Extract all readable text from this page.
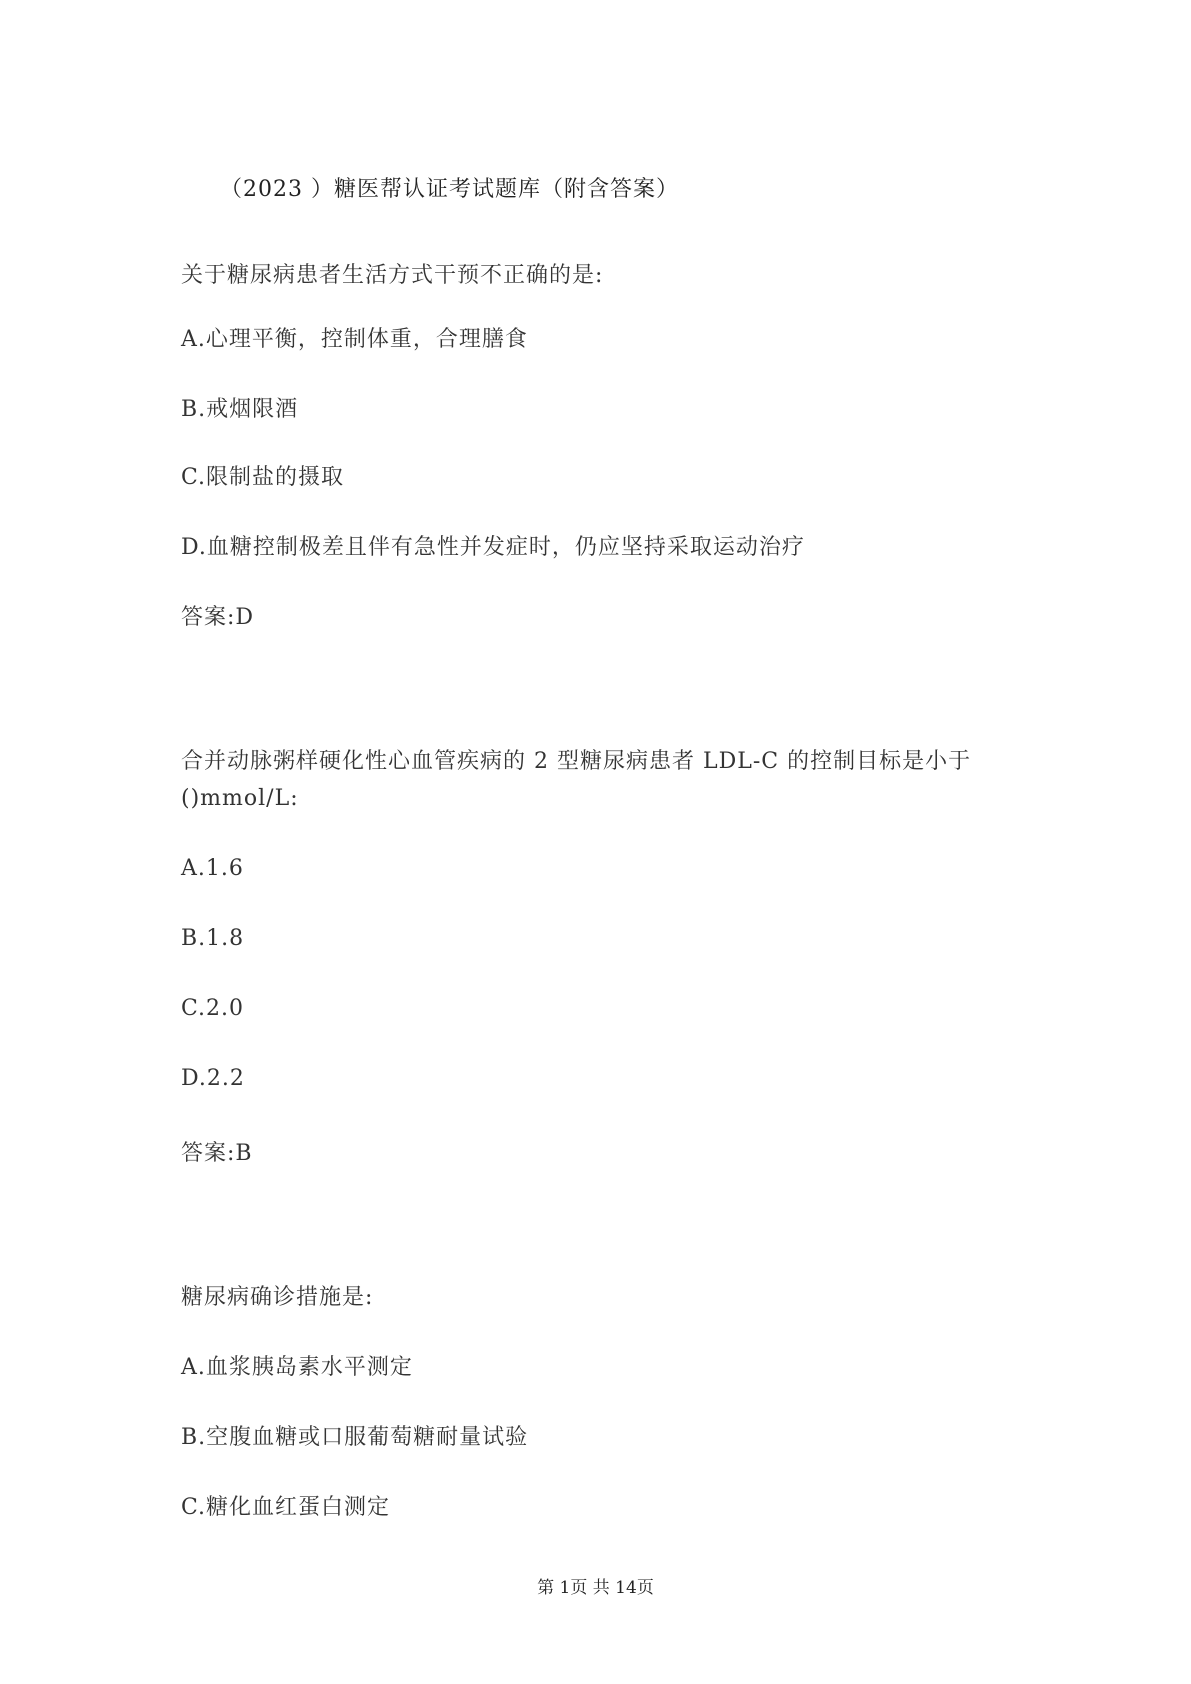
（2023 ）糖医帮认证考试题库（附含答案）
关于糖尿病患者生活方式干预不正确的是:
A.心理平衡，控制体重，合理膳食
B.戒烟限酒
C.限制盐的摄取
D.血糖控制极差且伴有急性并发症时，仍应坚持采取运动治疗
答案:D
合并动脉粥样硬化性心血管疾病的 2 型糖尿病患者 LDL-C 的控制目标是小于
()mmol/L:
A.1.6
B.1.8
C.2.0
D.2.2
答案:B
糖尿病确诊措施是:
A.血浆胰岛素水平测定
B.空腹血糖或口服葡萄糖耐量试验
C.糖化血红蛋白测定
第 1页 共 14页
